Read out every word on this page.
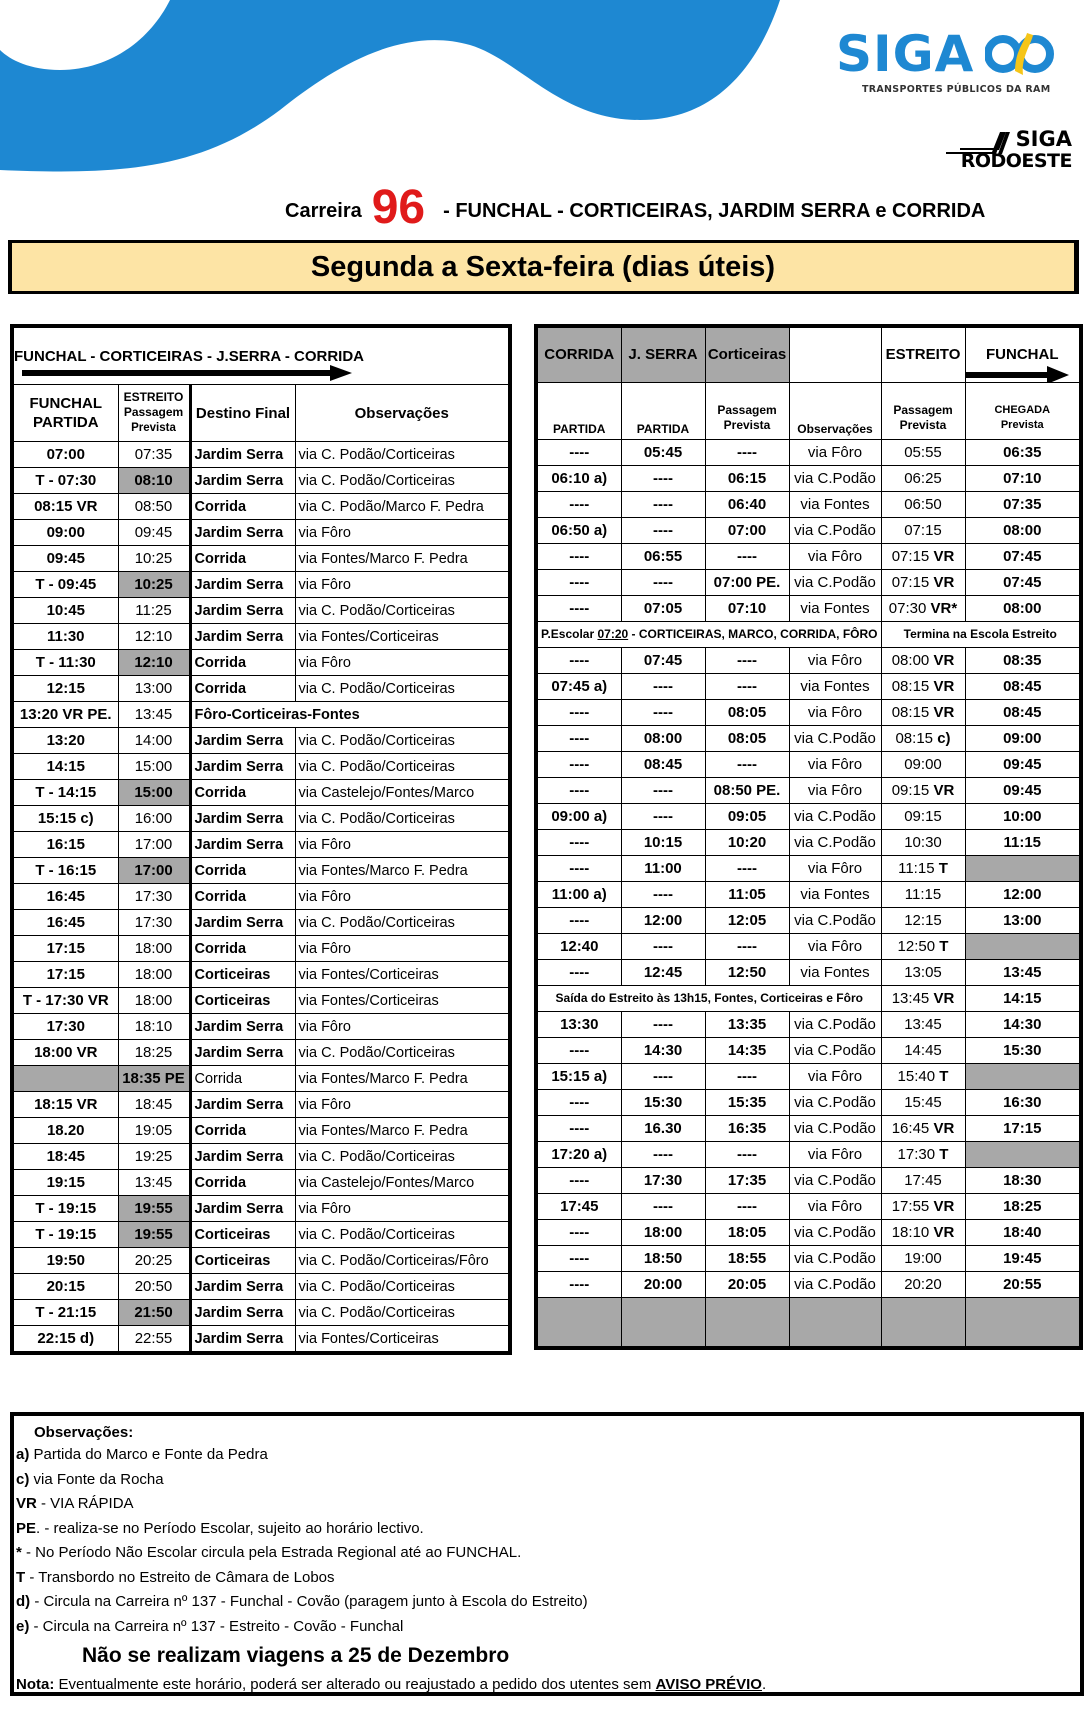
SIGA
TRANSPORTES PÚBLICOS DA RAM
SIGA
RODOESTE
Carreira 96 - FUNCHAL - CORTICEIRAS, JARDIM SERRA e CORRIDA
Segunda a Sexta-feira (dias úteis)
FUNCHAL - CORTICEIRAS - J.SERRA - CORRIDA			

FUNCHAL
PARTIDA	ESTREITO
Passagem
Prevista	Destino Final	Observações
07:00	07:35	Jardim Serra	via C. Podão/Corticeiras
T - 07:30	08:10	Jardim Serra	via C. Podão/Corticeiras
08:15 VR	08:50	Corrida	via C. Podão/Marco F. Pedra
09:00	09:45	Jardim Serra	via Fôro
09:45	10:25	Corrida	via Fontes/Marco F. Pedra
T - 09:45	10:25	Jardim Serra	via Fôro
10:45	11:25	Jardim Serra	via C. Podão/Corticeiras
11:30	12:10	Jardim Serra	via Fontes/Corticeiras
T - 11:30	12:10	Corrida	via Fôro
12:15	13:00	Corrida	via C. Podão/Corticeiras
13:20 VR PE.	13:45	Fôro-Corticeiras-Fontes	
13:20	14:00	Jardim Serra	via C. Podão/Corticeiras
14:15	15:00	Jardim Serra	via C. Podão/Corticeiras
T - 14:15	15:00	Corrida	via Castelejo/Fontes/Marco
15:15 c)	16:00	Jardim Serra	via C. Podão/Corticeiras
16:15	17:00	Jardim Serra	via Fôro
T - 16:15	17:00	Corrida	via Fontes/Marco F. Pedra
16:45	17:30	Corrida	via Fôro
16:45	17:30	Jardim Serra	via C. Podão/Corticeiras
17:15	18:00	Corrida	via Fôro
17:15	18:00	Corticeiras	via Fontes/Corticeiras
T - 17:30 VR	18:00	Corticeiras	via Fontes/Corticeiras
17:30	18:10	Jardim Serra	via Fôro
18:00 VR	18:25	Jardim Serra	via C. Podão/Corticeiras
	18:35 PE	Corrida	via Fontes/Marco F. Pedra
18:15 VR	18:45	Jardim Serra	via Fôro
18.20	19:05	Corrida	via Fontes/Marco F. Pedra
18:45	19:25	Jardim Serra	via C. Podão/Corticeiras
19:15	13:45	Corrida	via Castelejo/Fontes/Marco
T - 19:15	19:55	Jardim Serra	via Fôro
T - 19:15	19:55	Corticeiras	via C. Podão/Corticeiras
19:50	20:25	Corticeiras	via C. Podão/Corticeiras/Fôro
20:15	20:50	Jardim Serra	via C. Podão/Corticeiras
T - 21:15	21:50	Jardim Serra	via C. Podão/Corticeiras
22:15 d)	22:55	Jardim Serra	via Fontes/Corticeiras
CORRIDA	J. SERRA	Corticeiras		ESTREITO	FUNCHAL

PARTIDA	PARTIDA	Passagem
Prevista	Observações	Passagem
Prevista	CHEGADA
Prevista
----	05:45	----	via Fôro	05:55	06:35
06:10 a)	----	06:15	via C.Podão	06:25	07:10
----	----	06:40	via Fontes	06:50	07:35
06:50 a)	----	07:00	via C.Podão	07:15	08:00
----	06:55	----	via Fôro	07:15 VR	07:45
----	----	07:00 PE.	via C.Podão	07:15 VR	07:45
----	07:05	07:10	via Fontes	07:30 VR*	08:00
P.Escolar 07:20 - CORTICEIRAS, MARCO, CORRIDA, FÔRO				Termina na Escola Estreito	
----	07:45	----	via Fôro	08:00 VR	08:35
07:45 a)	----	----	via Fontes	08:15 VR	08:45
----	----	08:05	via Fôro	08:15 VR	08:45
----	08:00	08:05	via C.Podão	08:15 c)	09:00
----	08:45	----	via Fôro	09:00	09:45
----	----	08:50 PE.	via Fôro	09:15 VR	09:45
09:00 a)	----	09:05	via C.Podão	09:15	10:00
----	10:15	10:20	via C.Podão	10:30	11:15
----	11:00	----	via Fôro	11:15 T	
11:00 a)	----	11:05	via Fontes	11:15	12:00
----	12:00	12:05	via C.Podão	12:15	13:00
12:40	----	----	via Fôro	12:50 T	
----	12:45	12:50	via Fontes	13:05	13:45
Saída do Estreito às 13h15, Fontes, Corticeiras e Fôro				13:45 VR	14:15
13:30	----	13:35	via C.Podão	13:45	14:30
----	14:30	14:35	via C.Podão	14:45	15:30
15:15 a)	----	----	via Fôro	15:40 T	
----	15:30	15:35	via C.Podão	15:45	16:30
----	16.30	16:35	via C.Podão	16:45 VR	17:15
17:20 a)	----	----	via Fôro	17:30 T	
----	17:30	17:35	via C.Podão	17:45	18:30
17:45	----	----	via Fôro	17:55 VR	18:25
----	18:00	18:05	via C.Podão	18:10 VR	18:40
----	18:50	18:55	via C.Podão	19:00	19:45
----	20:00	20:05	via C.Podão	20:20	20:55

Observações:
a) Partida do Marco e Fonte da Pedra
c) via Fonte da Rocha
VR - VIA RÁPIDA
PE. - realiza-se no Período Escolar, sujeito ao horário lectivo.
* - No Período Não Escolar circula pela Estrada Regional até ao FUNCHAL.
T - Transbordo no Estreito de Câmara de Lobos
d) - Circula na Carreira nº 137 - Funchal - Covão (paragem junto à Escola do Estreito)
e) - Circula na Carreira nº 137 - Estreito - Covão - Funchal
Não se realizam viagens a 25 de Dezembro
Nota: Eventualmente este horário, poderá ser alterado ou reajustado a pedido dos utentes sem AVISO PRÉVIO.
